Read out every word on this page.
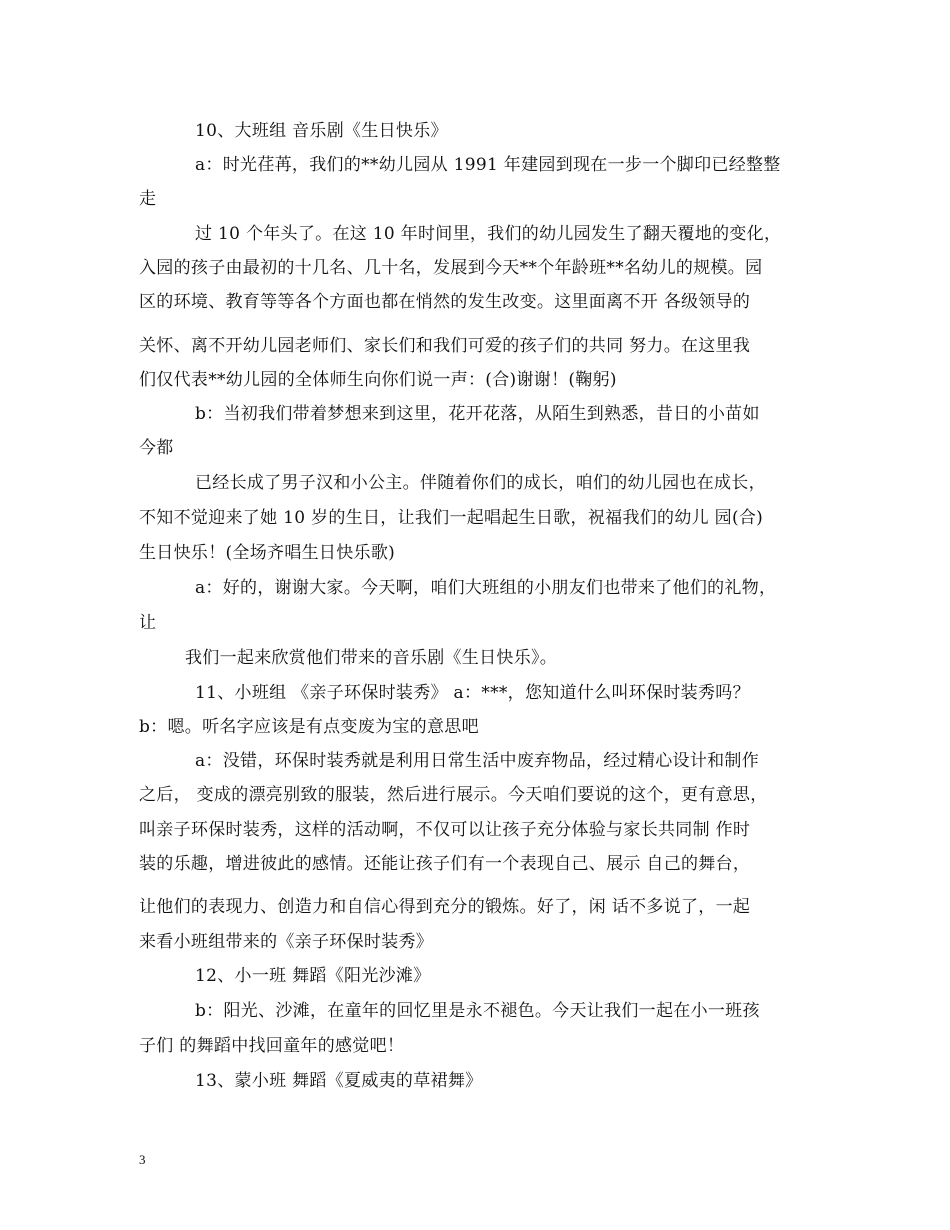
10、大班组 音乐剧《生日快乐》
a：时光荏苒，我们的**幼儿园从 1991 年建园到现在一步一个脚印已经整整
走
过 10 个年头了。在这 10 年时间里，我们的幼儿园发生了翻天覆地的变化，
入园的孩子由最初的十几名、几十名，发展到今天**个年龄班**名幼儿的规模。园
区的环境、教育等等各个方面也都在悄然的发生改变。这里面离不开 各级领导的
关怀、离不开幼儿园老师们、家长们和我们可爱的孩子们的共同 努力。在这里我
们仅代表**幼儿园的全体师生向你们说一声：(合)谢谢！(鞠躬)
b：当初我们带着梦想来到这里，花开花落，从陌生到熟悉，昔日的小苗如
今都
已经长成了男子汉和小公主。伴随着你们的成长，咱们的幼儿园也在成长，
不知不觉迎来了她 10 岁的生日，让我们一起唱起生日歌，祝福我们的幼儿 园(合)
生日快乐！(全场齐唱生日快乐歌)
a：好的，谢谢大家。今天啊，咱们大班组的小朋友们也带来了他们的礼物，
让
我们一起来欣赏他们带来的音乐剧《生日快乐》。
11、小班组 《亲子环保时装秀》 a：***，您知道什么叫环保时装秀吗？
b：嗯。听名字应该是有点变废为宝的意思吧
a：没错，环保时装秀就是利用日常生活中废弃物品，经过精心设计和制作
之后， 变成的漂亮别致的服装，然后进行展示。今天咱们要说的这个，更有意思，
叫亲子环保时装秀，这样的活动啊，不仅可以让孩子充分体验与家长共同制 作时
装的乐趣，增进彼此的感情。还能让孩子们有一个表现自己、展示 自己的舞台，
让他们的表现力、创造力和自信心得到充分的锻炼。好了，闲 话不多说了，一起
来看小班组带来的《亲子环保时装秀》
12、小一班 舞蹈《阳光沙滩》
b：阳光、沙滩，在童年的回忆里是永不褪色。今天让我们一起在小一班孩
子们 的舞蹈中找回童年的感觉吧！
13、蒙小班 舞蹈《夏威夷的草裙舞》
3
